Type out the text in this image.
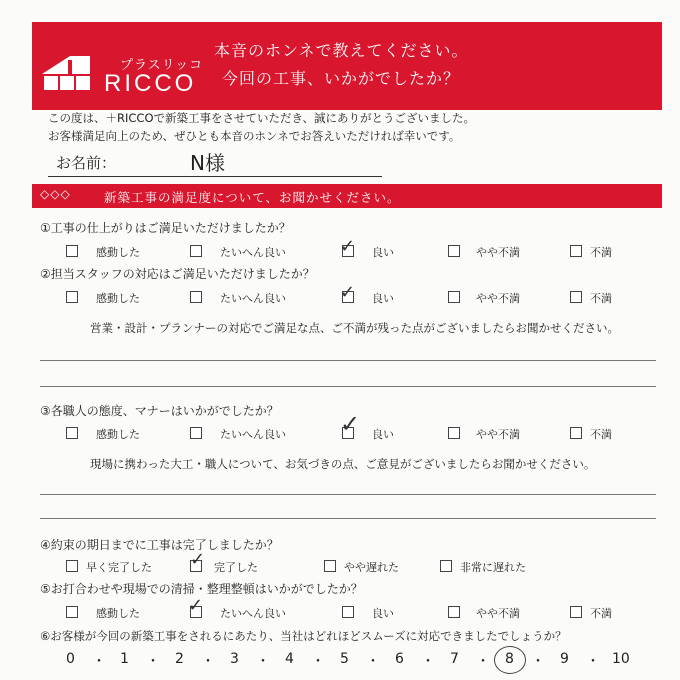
プラスリッコ
RICCO
本音のホンネで教えてください。
今回の工事、いかがでしたか？
この度は、＋RICCOで新築工事をさせていただき、誠にありがとうございました。
お客様満足向上のため、ぜひとも本音のホンネでお答えいただければ幸いです。
お名前：	N様
◇◇◇	新築工事の満足度について、お聞かせください。
①工事の仕上がりはご満足いただけましたか？
感動した	たいへん良い	✓ 良い	やや不満	不満
②担当スタッフの対応はご満足いただけましたか？
感動した	たいへん良い	✓ 良い	やや不満	不満
営業・設計・プランナーの対応でご満足な点、ご不満が残った点がございましたらお聞かせください。
③各職人の態度、マナーはいかがでしたか？
感動した	たいへん良い ✓ 良い	やや不満	不満
現場に携わった大工・職人について、お気づきの点、ご意見がございましたらお聞かせください。
④約束の期日までに工事は完了しましたか？
早く完了した ✓ 完了した	やや遅れた	非常に遅れた
⑤お打合わせや現場での清掃・整理整頓はいかがでしたか？
感動した	✓ たいへん良い	良い	やや不満	不満
⑥お客様が今回の新築工事をされるにあたり、当社はどれほどスムーズに対応できましたでしょうか？
0 ・ 1 ・ 2 ・ 3 ・ 4 ・ 5 ・ 6 ・ 7 ・ 8 ・ 9 ・ 10
